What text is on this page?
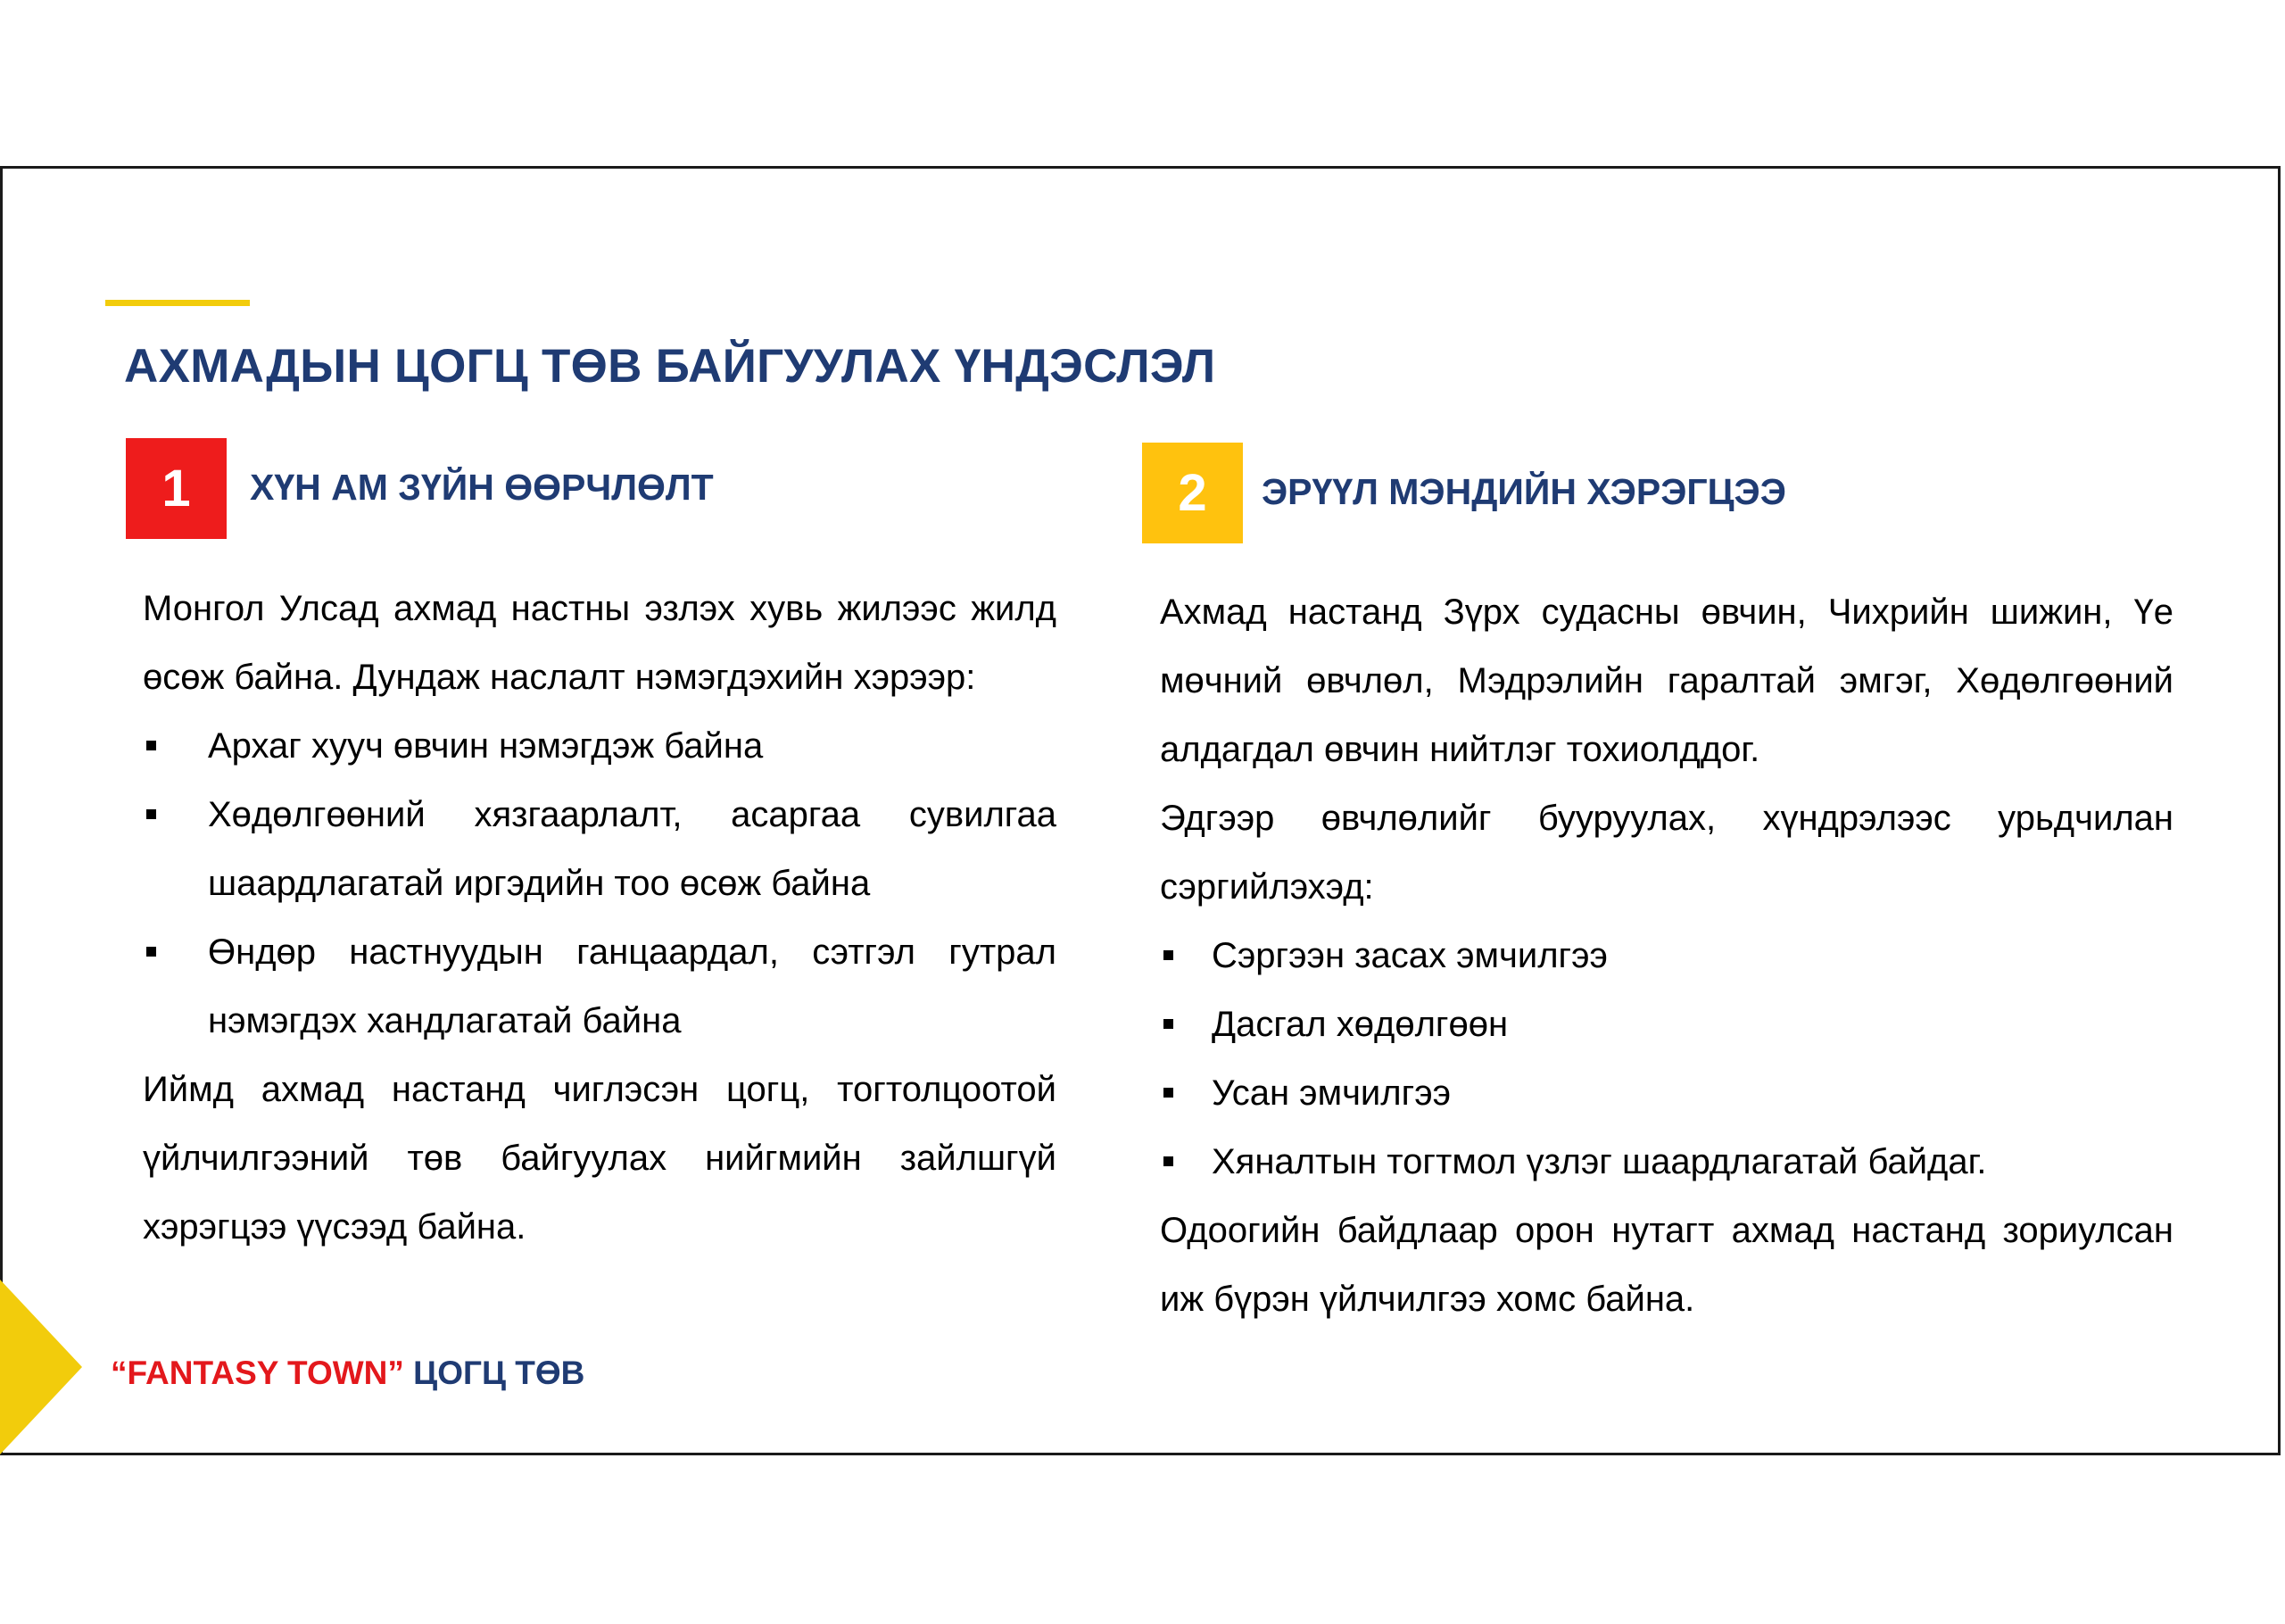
АХМАДЫН ЦОГЦ ТӨВ БАЙГУУЛАХ ҮНДЭСЛЭЛ
1	ХҮН АМ ЗҮЙН ӨӨРЧЛӨЛТ

Монгол Улсад ахмад настны эзлэх хувь жилээс жилд өсөж байна. Дундаж наслалт нэмэгдэхийн хэрээр:

Архаг хууч өвчин нэмэгдэж байна
Хөдөлгөөний хязгаарлалт, асаргаа сувилгаа шаардлагатай иргэдийн тоо өсөж байна
Өндөр настнуудын ганцаардал, сэтгэл гутрал нэмэгдэх хандлагатай байна

Иймд ахмад настанд чиглэсэн цогц, тогтолцоотой үйлчилгээний төв байгуулах нийгмийн зайлшгүй хэрэгцээ үүсээд байна.

2	ЭРҮҮЛ МЭНДИЙН ХЭРЭГЦЭЭ

Ахмад настанд Зүрх судасны өвчин, Чихрийн шижин, Үе мөчний өвчлөл, Мэдрэлийн гаралтай эмгэг, Хөдөлгөөний алдагдал өвчин нийтлэг тохиолддог.

Эдгээр өвчлөлийг бууруулах, хүндрэлээс урьдчилан сэргийлэхэд:

Сэргээн засах эмчилгээ
Дасгал хөдөлгөөн
Усан эмчилгээ
Хяналтын тогтмол үзлэг шаардлагатай байдаг.

Одоогийн байдлаар орон нутагт ахмад настанд зориулсан иж бүрэн үйлчилгээ хомс байна.

“FANTASY TOWN” ЦОГЦ ТӨВ
